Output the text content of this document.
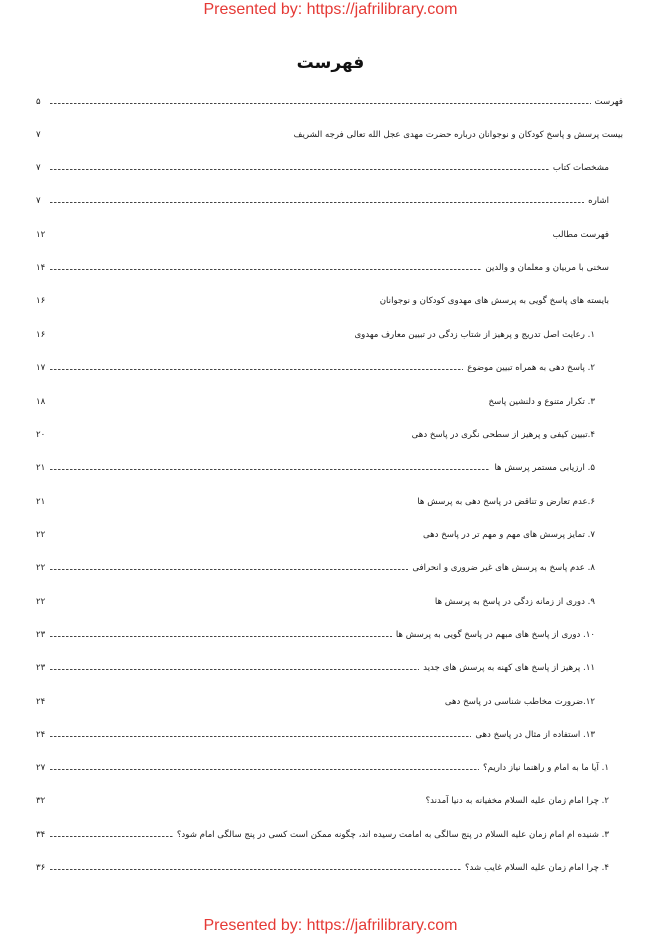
Presented by: https://jafrilibrary.com
فهرست
فهرست
۵
بیست پرسش و پاسخ کودکان و نوجوانان درباره حضرت مهدی عجل الله تعالی فرجه الشریف
۷
مشخصات کتاب
۷
اشاره
۷
فهرست مطالب
۱۲
سخنی با مربیان و معلمان و والدین
۱۴
بایسته های پاسخ گویی به پرسش های مهدوی کودکان و نوجوانان
۱۶
۱. رعایت اصل تدریج و پرهیز از شتاب زدگی در تبیین معارف مهدوی
۱۶
۲. پاسخ دهی به همراه تبیین موضوع
۱۷
۳. تکرار متنوع و دلنشین پاسخ
۱۸
۴.تبیین کیفی و پرهیز از سطحی نگری در پاسخ دهی
۲۰
۵. ارزیابی مستمر پرسش ها
۲۱
۶.عدم تعارض و تناقض در پاسخ دهی به پرسش ها
۲۱
۷. تمایز پرسش های مهم و مهم تر در پاسخ دهی
۲۲
۸. عدم پاسخ به پرسش های غیر ضروری و انحرافی
۲۲
۹. دوری از زمانه زدگی در پاسخ به پرسش ها
۲۲
۱۰. دوری از پاسخ های مبهم در پاسخ گویی به پرسش ها
۲۳
۱۱. پرهیز از پاسخ های کهنه به پرسش های جدید
۲۳
۱۲.ضرورت مخاطب شناسی در پاسخ دهی
۲۴
۱۳. استفاده از مثال در پاسخ دهی
۲۴
۱. آیا ما به امام و راهنما نیاز داریم؟
۲۷
۲. چرا امام زمان علیه السلام مخفیانه به دنیا آمدند؟
۳۲
۳. شنیده ام امام زمان علیه السلام در پنج سالگی به امامت رسیده اند، چگونه ممکن است کسی در پنج سالگی امام شود؟
۳۴
۴. چرا امام زمان علیه السلام غایب شد؟
۳۶
Presented by: https://jafrilibrary.com
